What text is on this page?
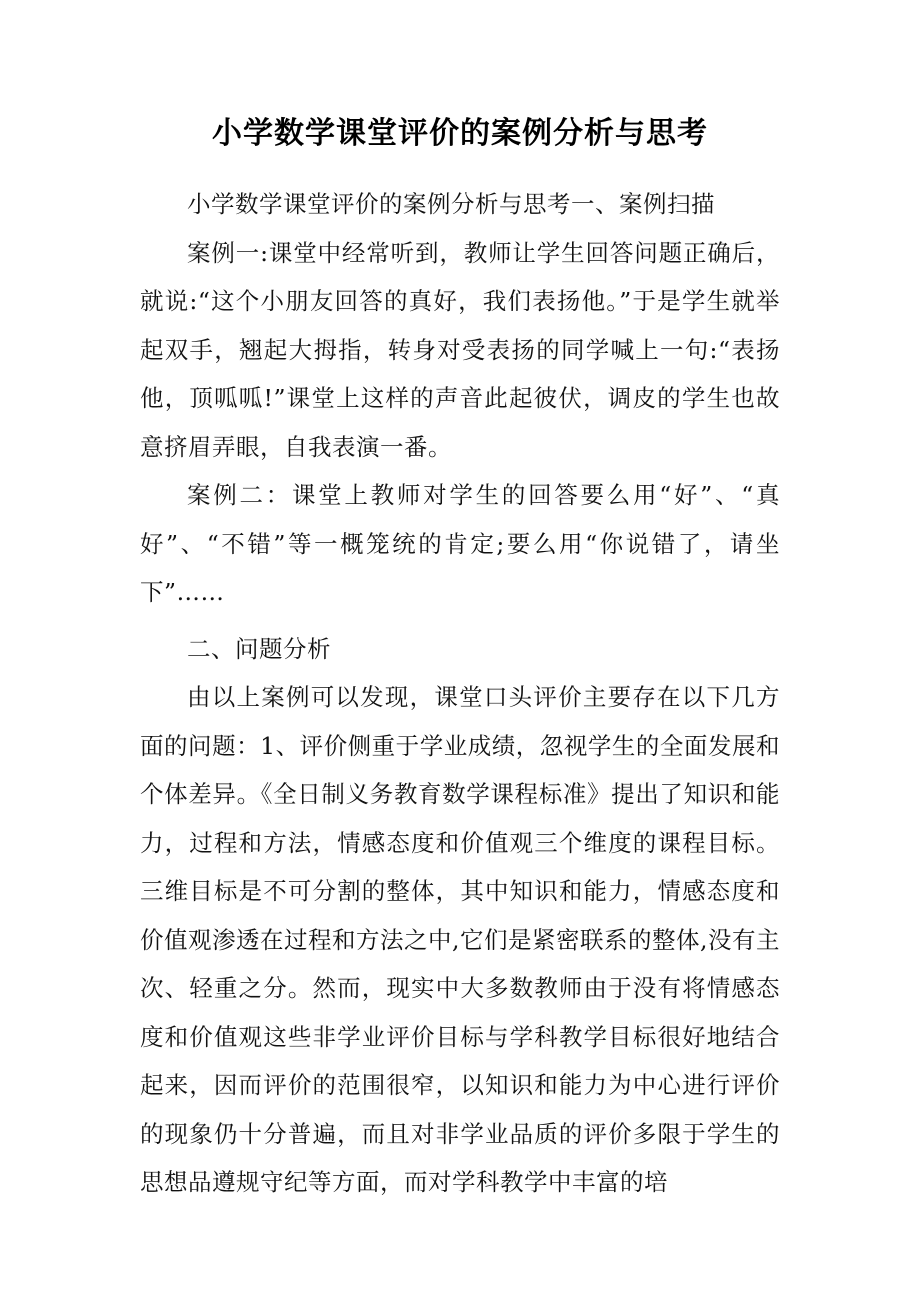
小学数学课堂评价的案例分析与思考

小学数学课堂评价的案例分析与思考一、案例扫描

案例一:课堂中经常听到，教师让学生回答问题正确后，就说:“这个小朋友回答的真好，我们表扬他。”于是学生就举起双手，翘起大拇指，转身对受表扬的同学喊上一句:“表扬他，顶呱呱!”课堂上这样的声音此起彼伏，调皮的学生也故意挤眉弄眼，自我表演一番。

案例二：课堂上教师对学生的回答要么用“好”、“真好”、“不错”等一概笼统的肯定;要么用“你说错了，请坐下”……

二、问题分析

由以上案例可以发现，课堂口头评价主要存在以下几方面的问题：1、评价侧重于学业成绩，忽视学生的全面发展和个体差异。《全日制义务教育数学课程标准》提出了知识和能力，过程和方法，情感态度和价值观三个维度的课程目标。三维目标是不可分割的整体，其中知识和能力，情感态度和价值观渗透在过程和方法之中,它们是紧密联系的整体,没有主次、轻重之分。然而，现实中大多数教师由于没有将情感态度和价值观这些非学业评价目标与学科教学目标很好地结合起来，因而评价的范围很窄，以知识和能力为中心进行评价的现象仍十分普遍，而且对非学业品质的评价多限于学生的思想品遵规守纪等方面，而对学科教学中丰富的培
